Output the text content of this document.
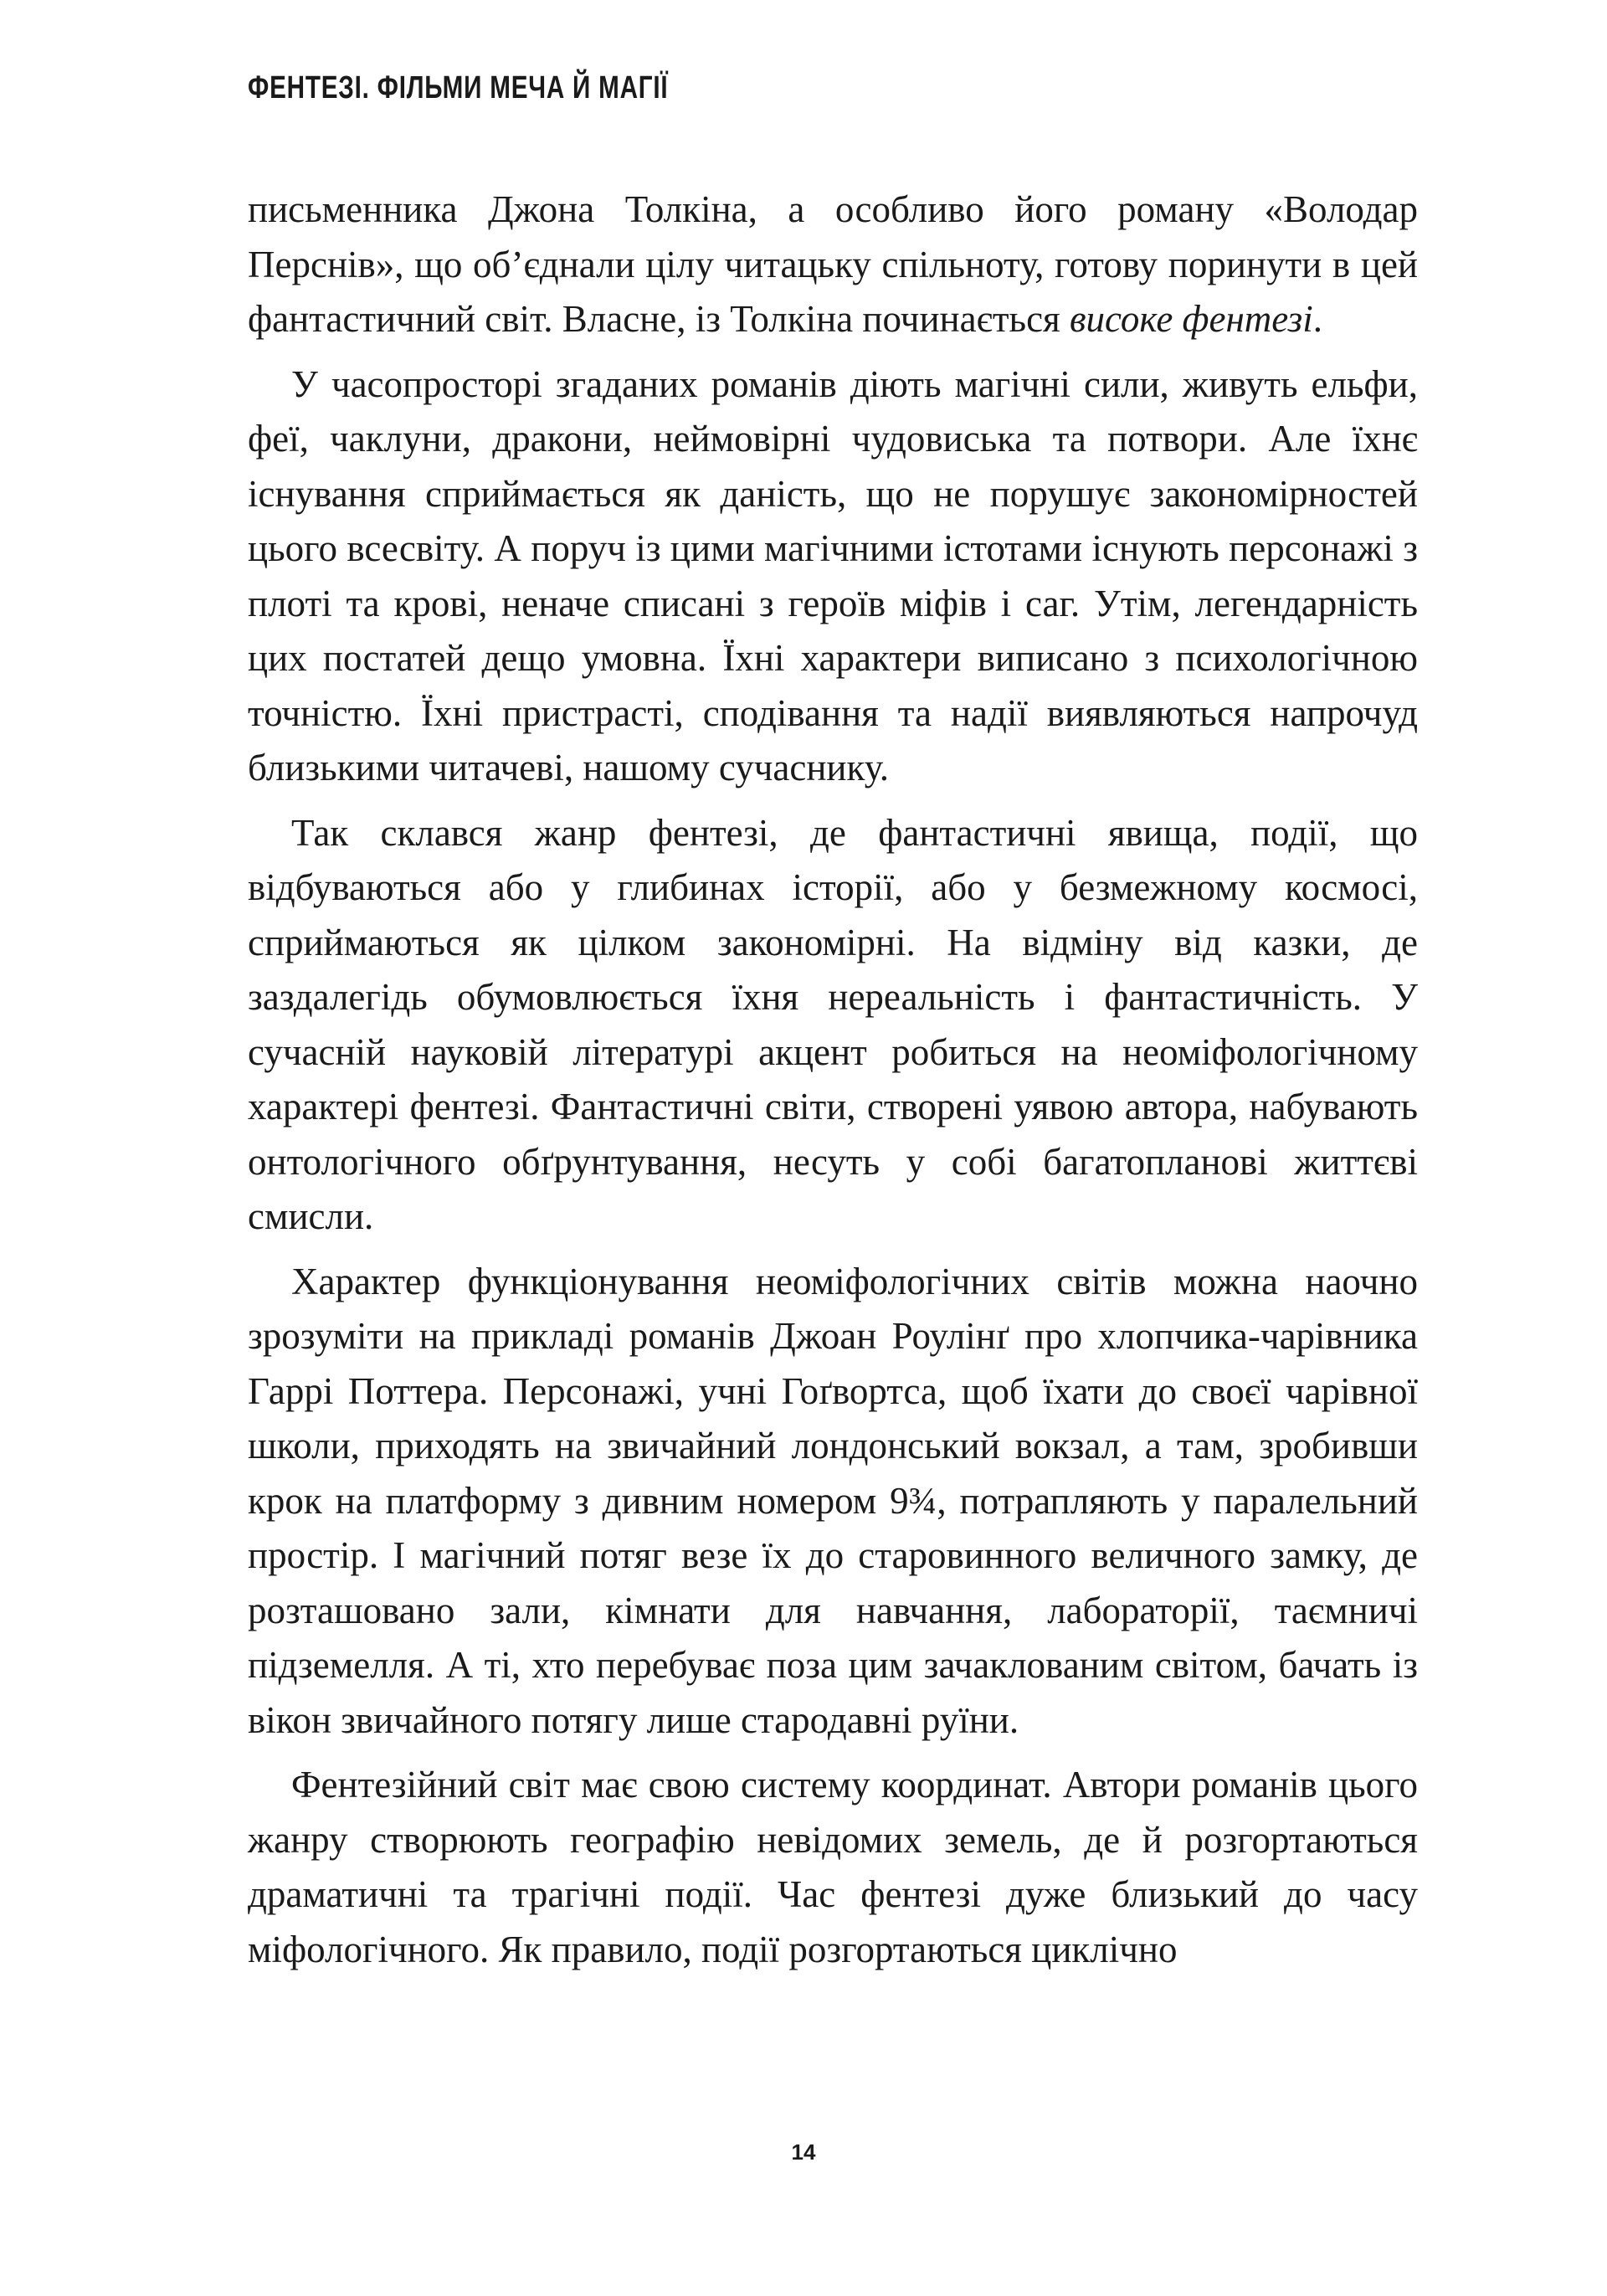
ФЕНТЕЗІ. ФІЛЬМИ МЕЧА Й МАГІЇ

письменника Джона Толкіна, а особливо його роману «Володар Перснів», що об’єднали цілу читацьку спільноту, готову поринути в цей фантастичний світ. Власне, із Толкіна починається високе фентезі.

У часопросторі згаданих романів діють магічні сили, живуть ельфи, феї, чаклуни, дракони, неймовірні чудовиська та потвори. Але їхнє існування сприймається як даність, що не порушує закономірностей цього всесвіту. А поруч із цими магічними істотами існують персонажі з плоті та крові, неначе списані з героїв міфів і саг. Утім, легендарність цих постатей дещо умовна. Їхні характери виписано з психологічною точністю. Їхні пристрасті, сподівання та надії виявляються напрочуд близькими читачеві, нашому сучаснику.

Так склався жанр фентезі, де фантастичні явища, події, що відбуваються або у глибинах історії, або у безмежному космосі, сприймаються як цілком закономірні. На відміну від казки, де заздалегідь обумовлюється їхня нереальність і фантастичність. У сучасній науковій літературі акцент робиться на неоміфологічному характері фентезі. Фантастичні світи, створені уявою автора, набувають онтологічного обґрунтування, несуть у собі багатопланові життєві смисли.

Характер функціонування неоміфологічних світів можна наочно зрозуміти на прикладі романів Джоан Роулінґ про хлопчика-чарівника Гаррі Поттера. Персонажі, учні Гоґвортса, щоб їхати до своєї чарівної школи, приходять на звичайний лондонський вокзал, а там, зробивши крок на платформу з дивним номером 9¾, потрапляють у паралельний простір. І магічний потяг везе їх до старовинного величного замку, де розташовано зали, кімнати для навчання, лабораторії, таємничі підземелля. А ті, хто перебуває поза цим зачаклованим світом, бачать із вікон звичайного потягу лише стародавні руїни.

Фентезійний світ має свою систему координат. Автори романів цього жанру створюють географію невідомих земель, де й розгортаються драматичні та трагічні події. Час фентезі дуже близький до часу міфологічного. Як правило, події розгортаються циклічно

14
